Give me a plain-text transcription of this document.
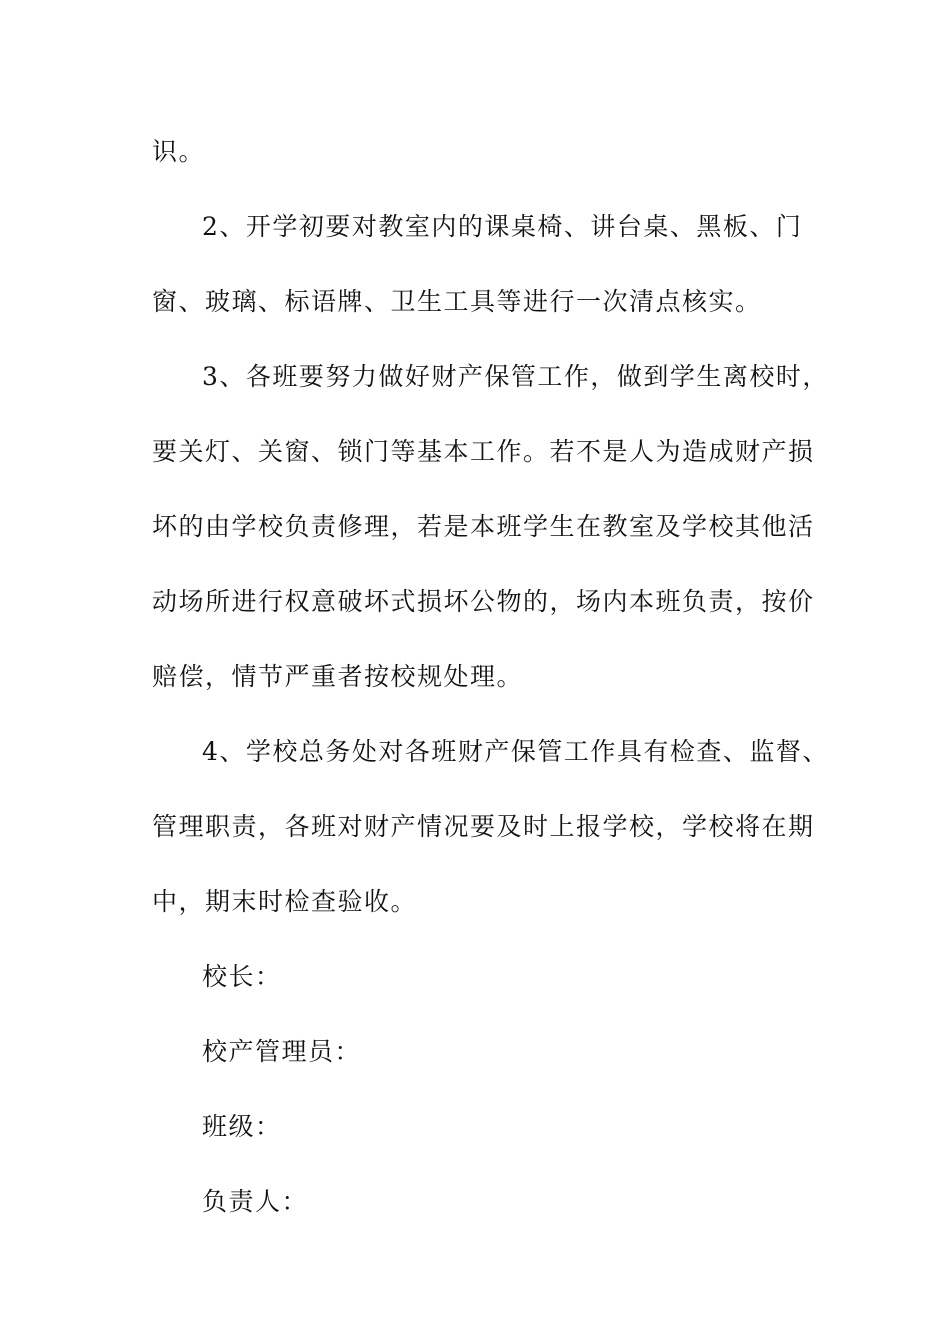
识。
2、开学初要对教室内的课桌椅、讲台桌、黑板、门
窗、玻璃、标语牌、卫生工具等进行一次清点核实。
3、各班要努力做好财产保管工作，做到学生离校时，
要关灯、关窗、锁门等基本工作。若不是人为造成财产损
坏的由学校负责修理，若是本班学生在教室及学校其他活
动场所进行权意破坏式损坏公物的，场内本班负责，按价
赔偿，情节严重者按校规处理。
4、学校总务处对各班财产保管工作具有检查、监督、
管理职责，各班对财产情况要及时上报学校，学校将在期
中，期末时检查验收。
校长：
校产管理员：
班级：
负责人：
